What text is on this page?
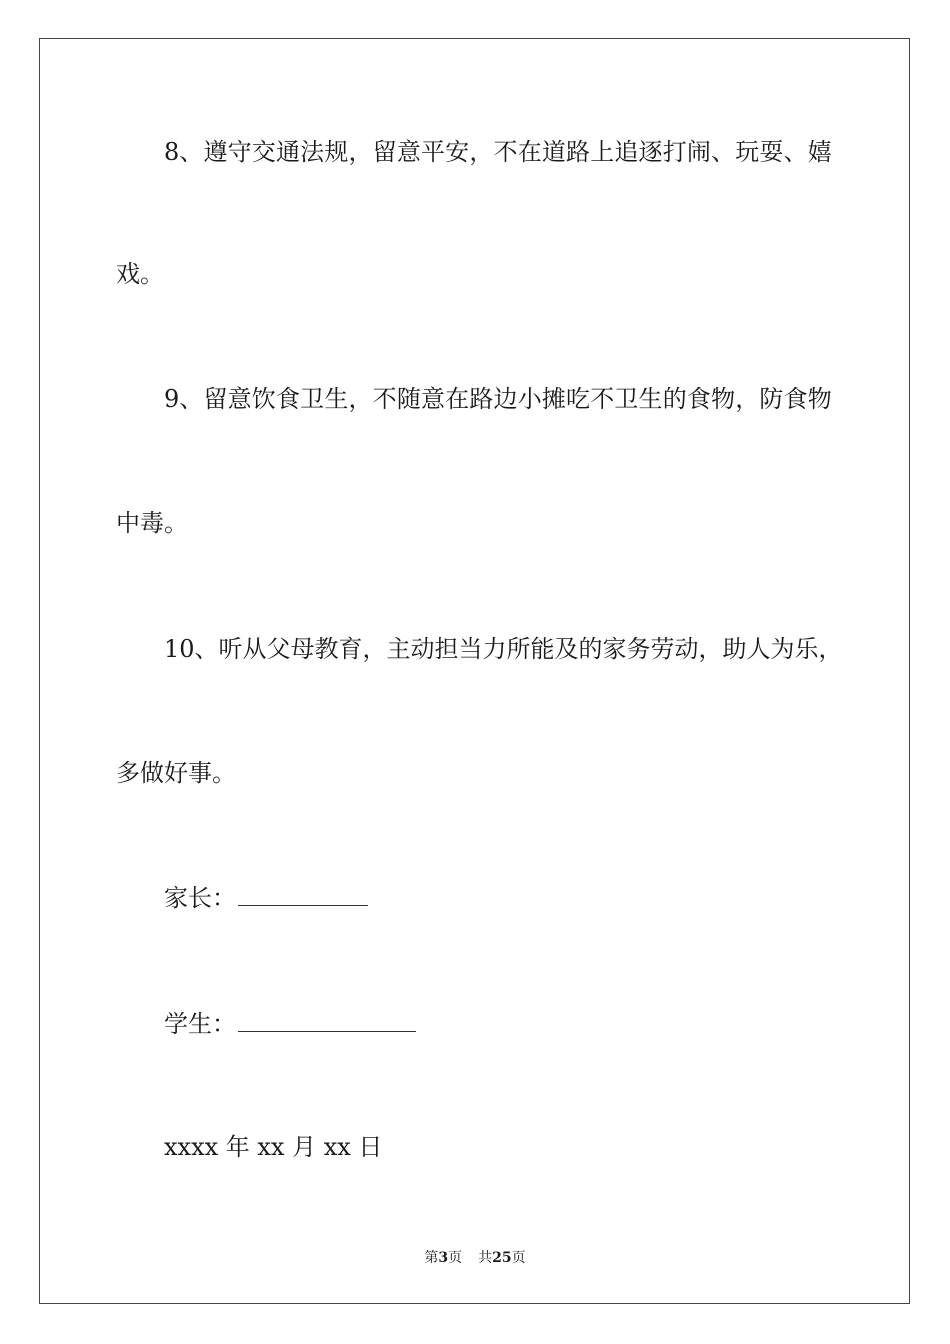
8、 遵 守 交 通 法 规 ， 留 意 平 安 ， 不 在 道 路 上 追 逐 打 闹 、 玩 耍 、 嬉
戏。
9、 留 意 饮 食 卫 生 ， 不 随 意 在 路 边 小 摊 吃 不 卫 生 的 食 物 ， 防 食 物
中毒。
10、 听 从 父 母 教 育 ， 主 动 担 当 力 所 能 及 的 家 务 劳 动 ， 助 人 为 乐 ，
多做好事。
家长：
学生：
xxxx 年 xx 月 xx 日
第3页 共25页
